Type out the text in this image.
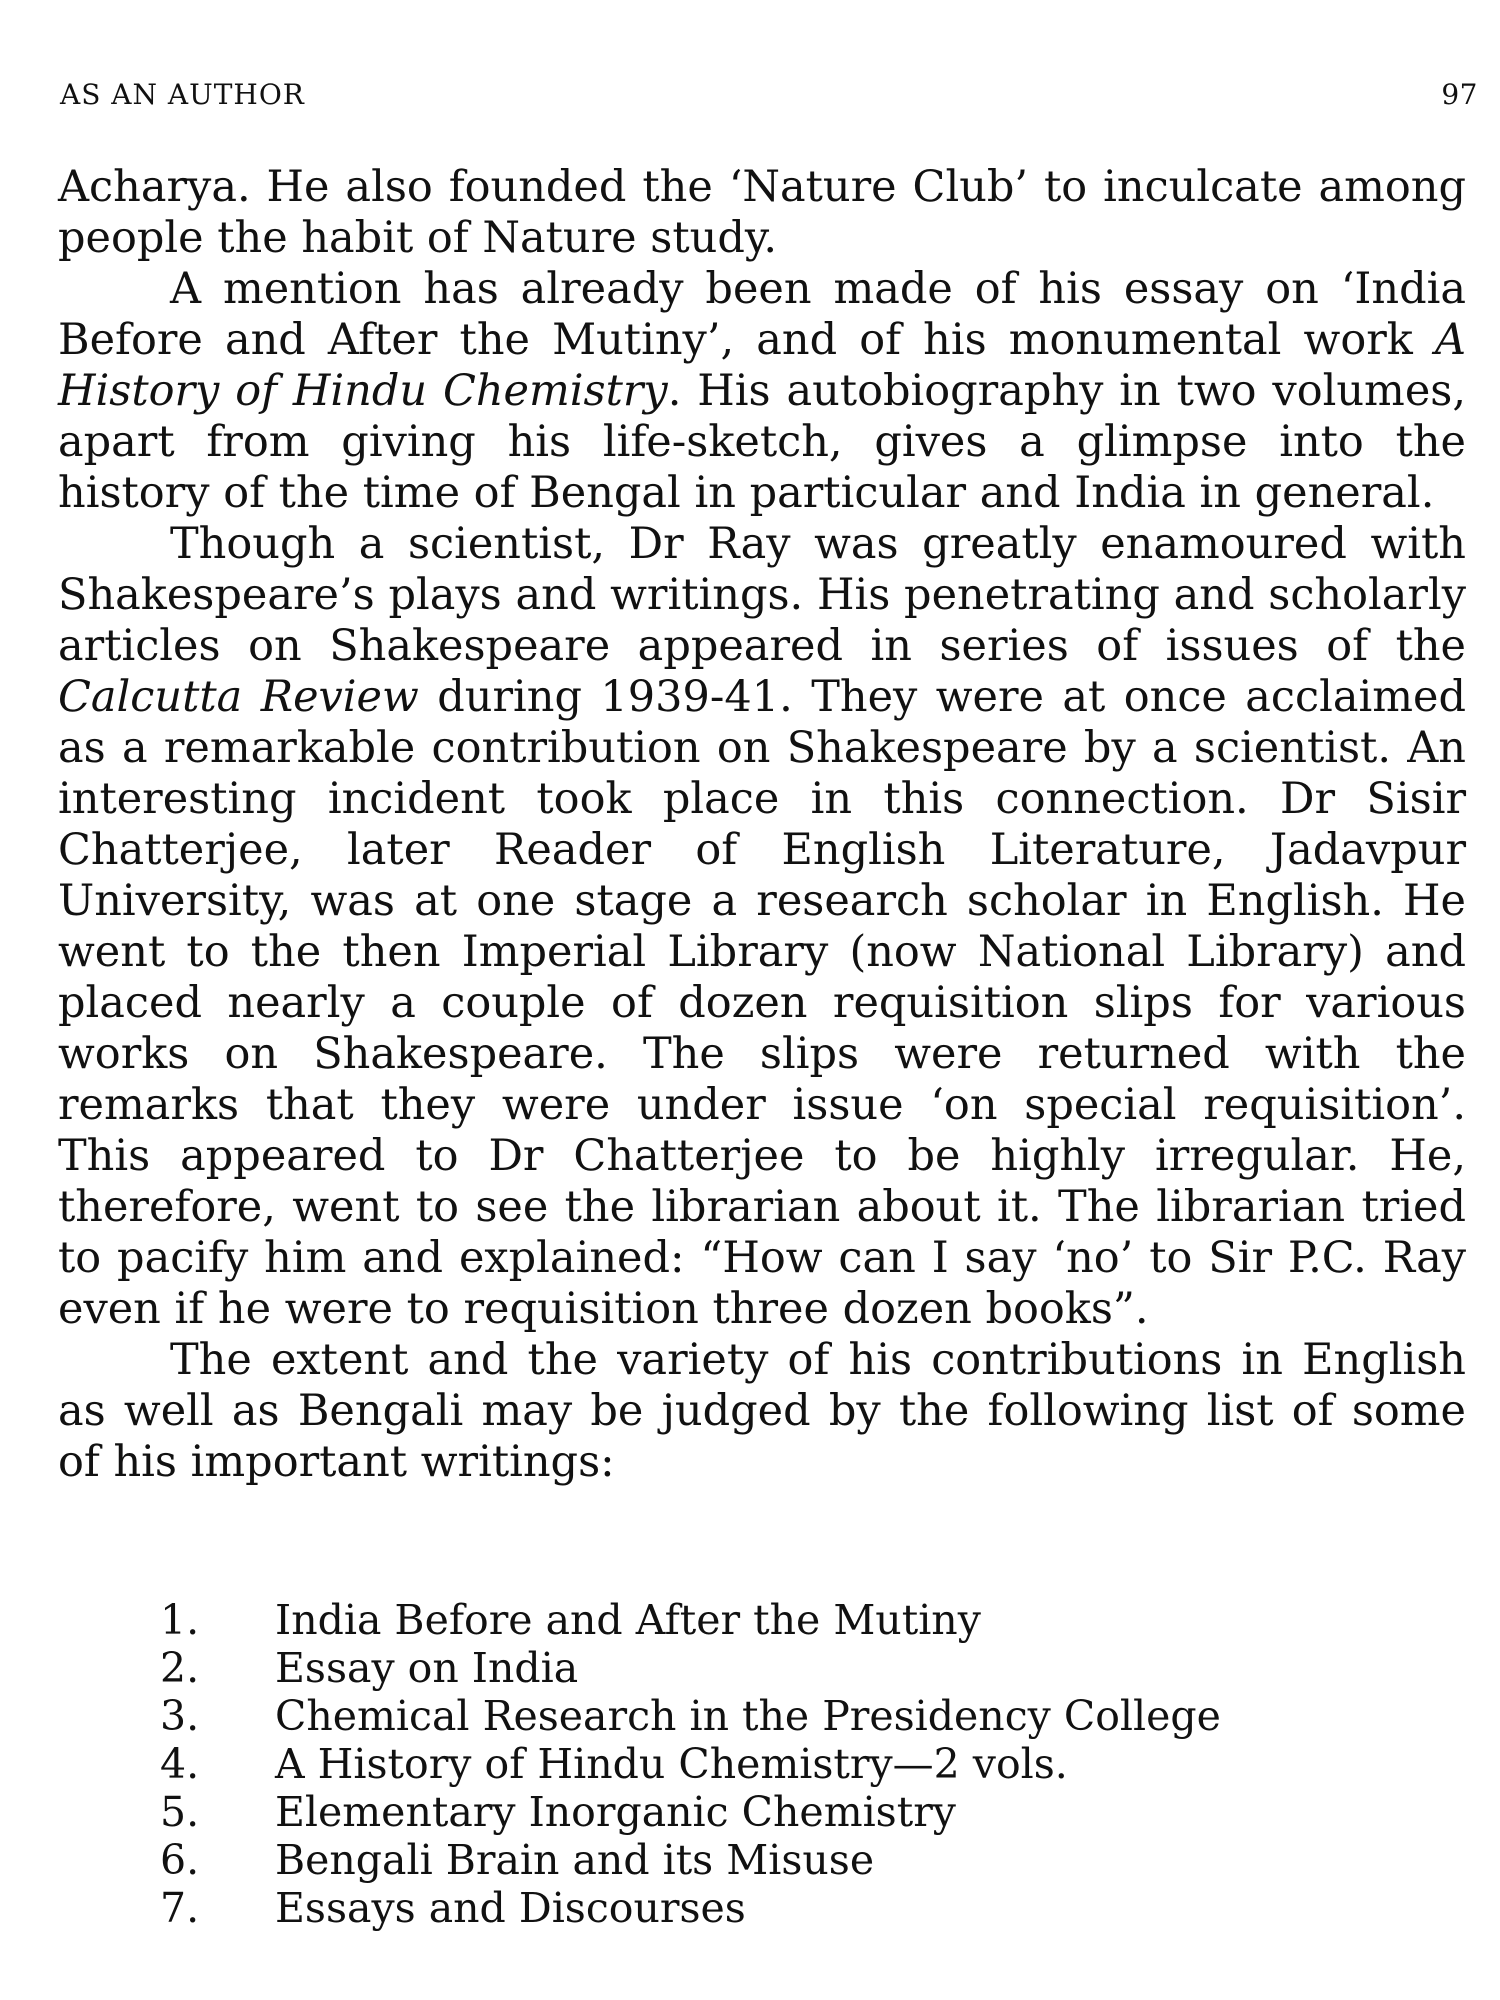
AS AN AUTHOR	97

Acharya. He also founded the ‘Nature Club’ to inculcate among people the habit of Nature study.

A mention has already been made of his essay on ‘India Before and After the Mutiny’, and of his monumental work A History of Hindu Chemistry. His autobiography in two volumes, apart from giving his life-sketch, gives a glimpse into the history of the time of Bengal in particular and India in general.

Though a scientist, Dr Ray was greatly enamoured with Shakespeare’s plays and writings. His penetrating and scholarly articles on Shakespeare appeared in series of issues of the Calcutta Review during 1939-41. They were at once acclaimed as a remarkable contribution on Shakespeare by a scientist. An interesting incident took place in this connection. Dr Sisir Chatterjee, later Reader of English Literature, Jadavpur University, was at one stage a research scholar in English. He went to the then Imperial Library (now National Library) and placed nearly a couple of dozen requisition slips for various works on Shakespeare. The slips were returned with the remarks that they were under issue ‘on special requisition’. This appeared to Dr Chatterjee to be highly irregular. He, therefore, went to see the librarian about it. The librarian tried to pacify him and explained: “How can I say ‘no’ to Sir P.C. Ray even if he were to requisition three dozen books”.

The extent and the variety of his contributions in English as well as Bengali may be judged by the following list of some of his important writings:

1.	India Before and After the Mutiny
2.	Essay on India
3.	Chemical Research in the Presidency College
4.	A History of Hindu Chemistry—2 vols.
5.	Elementary Inorganic Chemistry
6.	Bengali Brain and its Misuse
7.	Essays and Discourses
